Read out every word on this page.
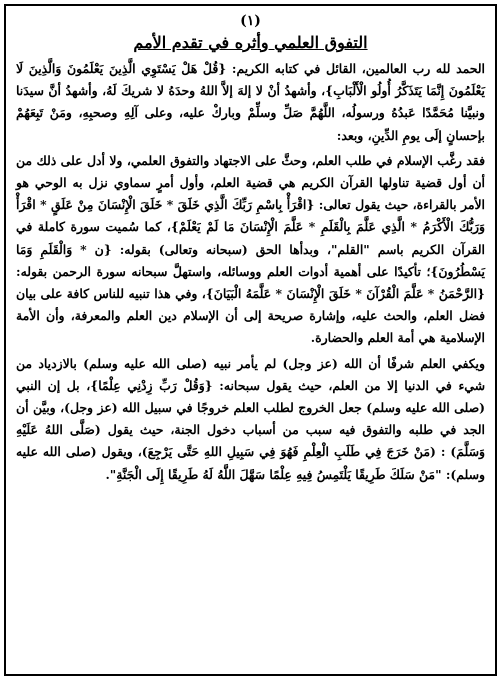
(١)
التفوق العلمي وأثره في تقدم الأمم

الحمد لله رب العالمين، القائل في كتابه الكريم: {قُلْ هَلْ يَسْتَوِي الَّذِينَ يَعْلَمُونَ وَالَّذِينَ لَا يَعْلَمُونَ إِنَّمَا يَتَذَكَّرُ أُولُو الْأَلْبَابِ}، وأشهدُ أنْ لا إلهَ إلاَّ اللهُ وحدَهُ لا شريكَ لَهُ، وأشهدُ أنَّ سيدَنا ونبيَّنا مُحَمَّدًا عَبدُهُ ورسولُه، اللَّهُمَّ صَلِّ وسلِّمْ وباركْ عليه، وعلى آلِهِ وصحبِهِ، ومَنْ تَبِعَهُمْ بإحسانٍ إلَى يومِ الدِّينِ، وبعد:

فقد رغَّب الإسلام في طلب العلم، وحثَّ على الاجتهاد والتفوق العلمي، ولا أدل على ذلك من أن أول قضية تناولها القرآن الكريم هي قضية العلم، وأول أمرٍ سماوي نزل به الوحي هو الأمر بالقراءة، حيث يقول تعالى: {اقْرَأْ بِاسْمِ رَبِّكَ الَّذِي خَلَقَ * خَلَقَ الْإِنْسَانَ مِنْ عَلَقٍ * اقْرَأْ وَرَبُّكَ الْأَكْرَمُ * الَّذِي عَلَّمَ بِالْقَلَمِ * عَلَّمَ الْإِنْسَانَ مَا لَمْ يَعْلَمْ}، كما سُميت سورة كاملة في القرآن الكريم باسم "القلم"، وبدأها الحق (سبحانه وتعالى) بقوله: {ن * وَالْقَلَمِ وَمَا يَسْطُرُونَ}؛ تأكيدًا على أهمية أدوات العلم ووسائله، واستهلَّ سبحانه سورة الرحمن بقوله: {الرَّحْمَنُ * عَلَّمَ الْقُرْآنَ * خَلَقَ الْإِنْسَانَ * عَلَّمَهُ الْبَيَانَ}، وفي هذا تنبيه للناس كافة على بيان فضل العلم، والحث عليه، وإشارة صريحة إلى أن الإسلام دين العلم والمعرفة، وأن الأمة الإسلامية هي أمة العلم والحضارة.

ويكفي العلم شرفًا أن الله (عز وجل) لم يأمر نبيه (صلى الله عليه وسلم) بالازدياد من شيء في الدنيا إلا من العلم، حيث يقول سبحانه: {وَقُلْ رَبِّ زِدْنِي عِلْمًا}، بل إن النبي (صلى الله عليه وسلم) جعل الخروج لطلب العلم خروجًا في سبيل الله (عز وجل)، وبيَّن أن الجد في طلبه والتفوق فيه سبب من أسباب دخول الجنة، حيث يقول (صَلَّى اللهُ عَلَيْهِ وَسَلَّمَ) : (مَنْ خَرَجَ فِي طَلَبِ الْعِلْمِ فَهُوَ فِي سَبِيلِ اللهِ حَتَّى يَرْجِعَ)، ويقول (صلى الله عليه وسلم): "مَنْ سَلَكَ طَرِيقًا يَلْتَمِسُ فِيهِ عِلْمًا سَهَّلَ اللَّهُ لَهُ طَرِيقًا إِلَى الْجَنَّةِ".
